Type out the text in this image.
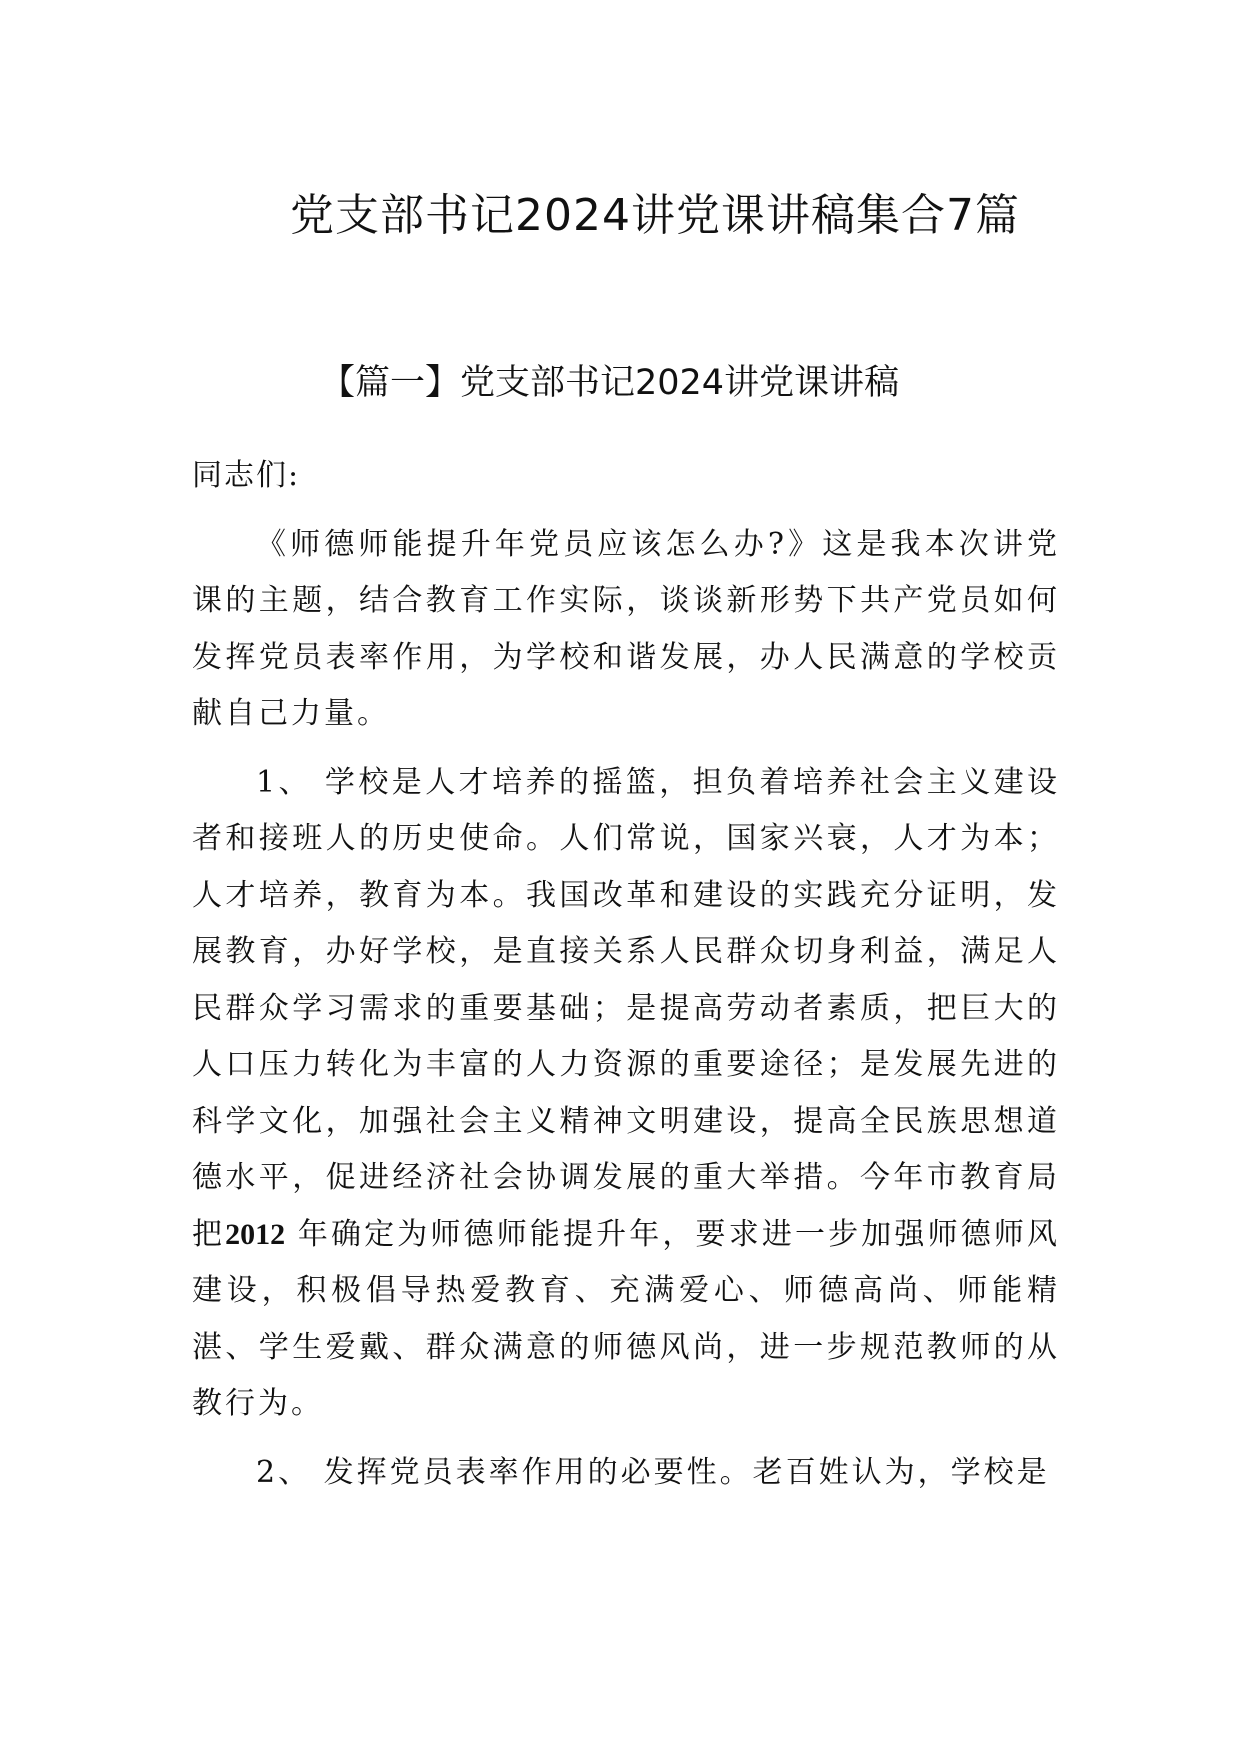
党支部书记2024讲党课讲稿集合7篇
【篇一】党支部书记2024讲党课讲稿

同志们:

《师德师能提升年党员应该怎么办?》这是我本次讲党课的主题，结合教育工作实际，谈谈新形势下共产党员如何发挥党员表率作用，为学校和谐发展，办人民满意的学校贡献自己力量。

1、 学校是人才培养的摇篮，担负着培养社会主义建设者和接班人的历史使命。人们常说，国家兴衰，人才为本；人才培养，教育为本。我国改革和建设的实践充分证明，发展教育，办好学校，是直接关系人民群众切身利益，满足人民群众学习需求的重要基础；是提高劳动者素质，把巨大的人口压力转化为丰富的人力资源的重要途径；是发展先进的科学文化，加强社会主义精神文明建设，提高全民族思想道德水平，促进经济社会协调发展的重大举措。今年市教育局把2012 年确定为师德师能提升年，要求进一步加强师德师风建设，积极倡导热爱教育、充满爱心、师德高尚、师能精湛、学生爱戴、群众满意的师德风尚，进一步规范教师的从教行为。

2、 发挥党员表率作用的必要性。老百姓认为，学校是
